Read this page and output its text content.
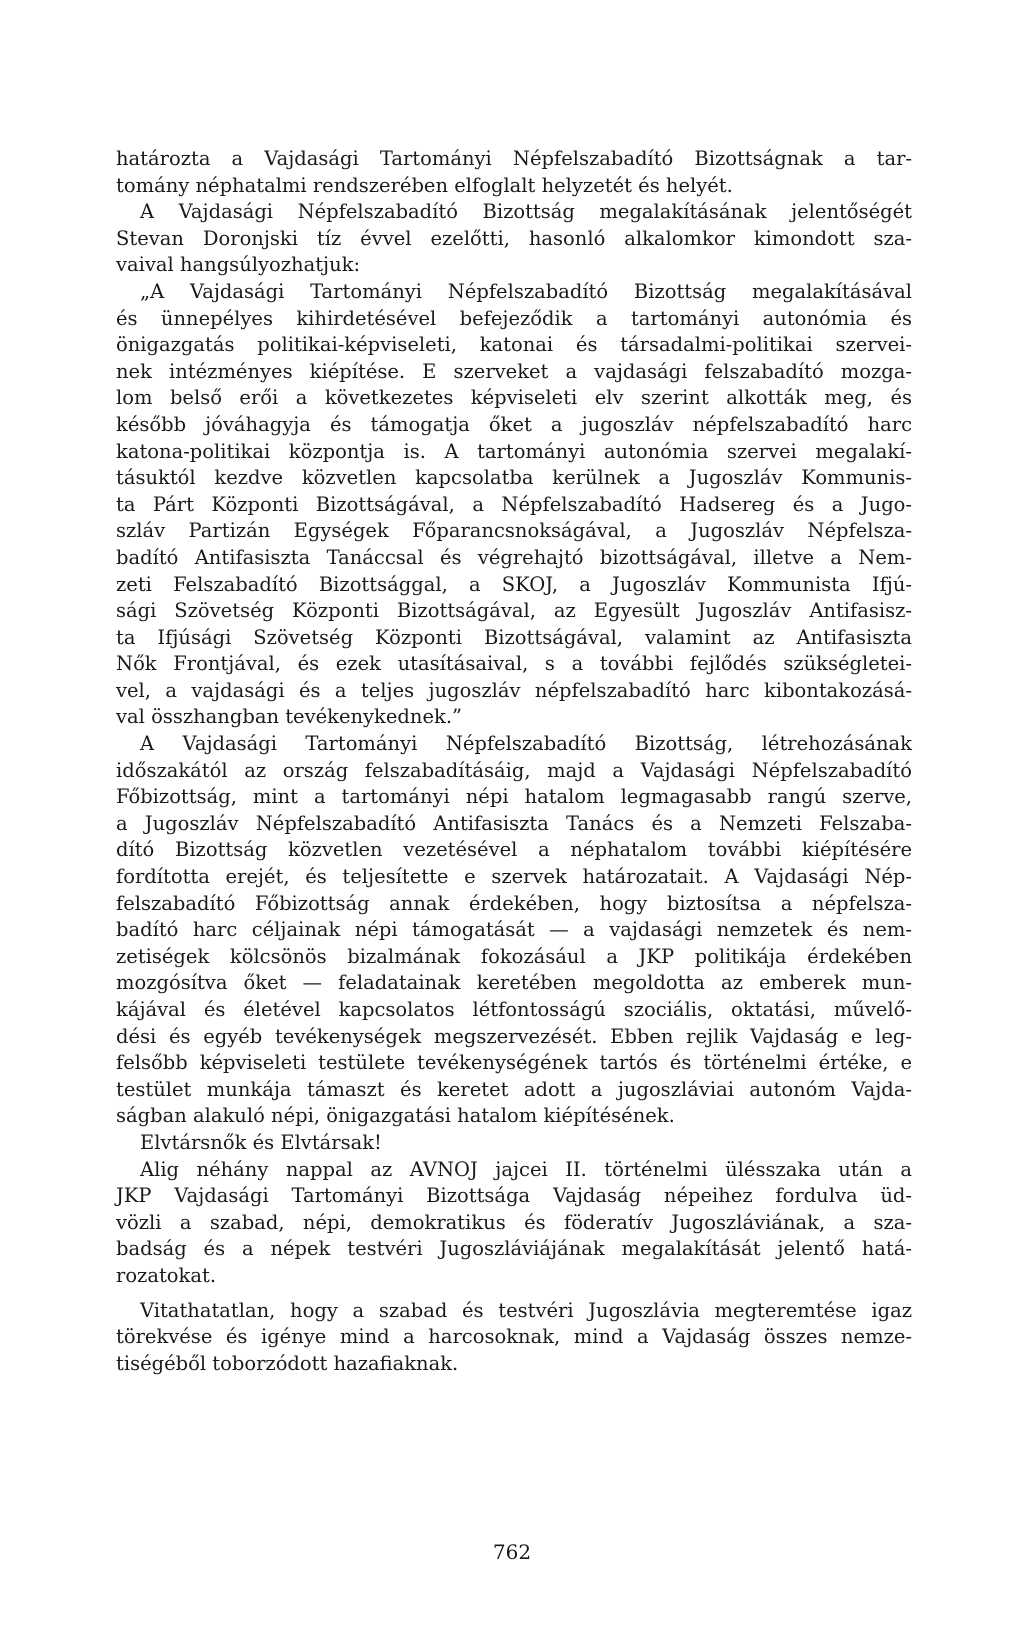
határozta a Vajdasági Tartományi Népfelszabadító Bizottságnak a tar-
tomány néphatalmi rendszerében elfoglalt helyzetét és helyét.
A Vajdasági Népfelszabadító Bizottság megalakításának jelentőségét
Stevan Doronjski tíz évvel ezelőtti, hasonló alkalomkor kimondott sza-
vaival hangsúlyozhatjuk:
„A Vajdasági Tartományi Népfelszabadító Bizottság megalakításával
és ünnepélyes kihirdetésével befejeződik a tartományi autonómia és
önigazgatás politikai-képviseleti, katonai és társadalmi-politikai szervei-
nek intézményes kiépítése. E szerveket a vajdasági felszabadító mozga-
lom belső erői a következetes képviseleti elv szerint alkották meg, és
később jóváhagyja és támogatja őket a jugoszláv népfelszabadító harc
katona-politikai központja is. A tartományi autonómia szervei megalakí-
tásuktól kezdve közvetlen kapcsolatba kerülnek a Jugoszláv Kommunis-
ta Párt Központi Bizottságával, a Népfelszabadító Hadsereg és a Jugo-
szláv Partizán Egységek Főparancsnokságával, a Jugoszláv Népfelsza-
badító Antifasiszta Tanáccsal és végrehajtó bizottságával, illetve a Nem-
zeti Felszabadító Bizottsággal, a SKOJ, a Jugoszláv Kommunista Ifjú-
sági Szövetség Központi Bizottságával, az Egyesült Jugoszláv Antifasisz-
ta Ifjúsági Szövetség Központi Bizottságával, valamint az Antifasiszta
Nők Frontjával, és ezek utasításaival, s a további fejlődés szükségletei-
vel, a vajdasági és a teljes jugoszláv népfelszabadító harc kibontakozásá-
val összhangban tevékenykednek.”
A Vajdasági Tartományi Népfelszabadító Bizottság, létrehozásának
időszakától az ország felszabadításáig, majd a Vajdasági Népfelszabadító
Főbizottság, mint a tartományi népi hatalom legmagasabb rangú szerve,
a Jugoszláv Népfelszabadító Antifasiszta Tanács és a Nemzeti Felszaba-
dító Bizottság közvetlen vezetésével a néphatalom további kiépítésére
fordította erejét, és teljesítette e szervek határozatait. A Vajdasági Nép-
felszabadító Főbizottság annak érdekében, hogy biztosítsa a népfelsza-
badító harc céljainak népi támogatását — a vajdasági nemzetek és nem-
zetiségek kölcsönös bizalmának fokozásául a JKP politikája érdekében
mozgósítva őket — feladatainak keretében megoldotta az emberek mun-
kájával és életével kapcsolatos létfontosságú szociális, oktatási, művelő-
dési és egyéb tevékenységek megszervezését. Ebben rejlik Vajdaság e leg-
felsőbb képviseleti testülete tevékenységének tartós és történelmi értéke, e
testület munkája támaszt és keretet adott a jugoszláviai autonóm Vajda-
ságban alakuló népi, önigazgatási hatalom kiépítésének.
Elvtársnők és Elvtársak!
Alig néhány nappal az AVNOJ jajcei II. történelmi ülésszaka után a
JKP Vajdasági Tartományi Bizottsága Vajdaság népeihez fordulva üd-
vözli a szabad, népi, demokratikus és föderatív Jugoszláviának, a sza-
badság és a népek testvéri Jugoszláviájának megalakítását jelentő hatá-
rozatokat.
Vitathatatlan, hogy a szabad és testvéri Jugoszlávia megteremtése igaz
törekvése és igénye mind a harcosoknak, mind a Vajdaság összes nemze-
tiségéből toborzódott hazafiaknak.
762
